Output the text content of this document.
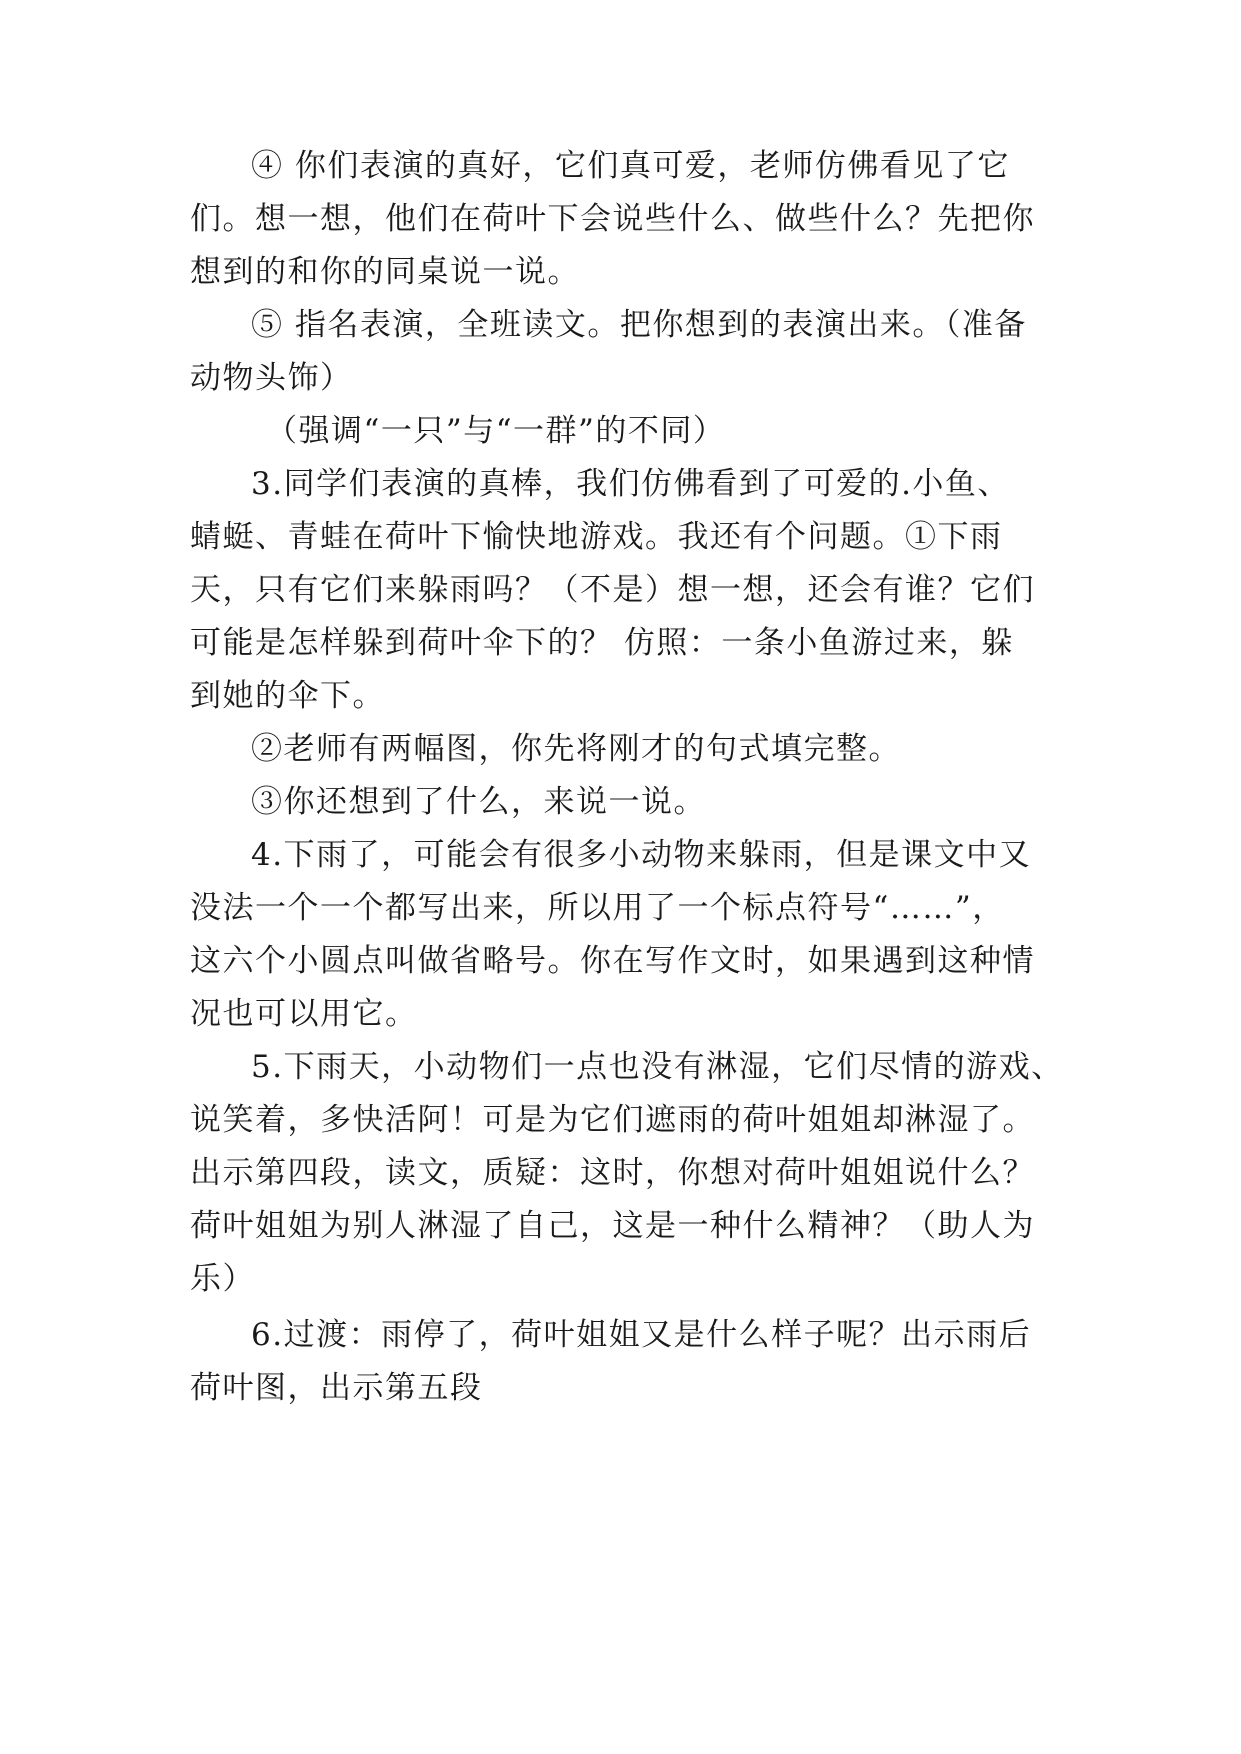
④ 你们表演的真好，它们真可爱，老师仿佛看见了它
们。想一想，他们在荷叶下会说些什么、做些什么？先把你
想到的和你的同桌说一说。
⑤ 指名表演，全班读文。把你想到的表演出来。（准备
动物头饰）
（强调“一只”与“一群”的不同）
3.同学们表演的真棒，我们仿佛看到了可爱的.小鱼、
蜻蜓、青蛙在荷叶下愉快地游戏。我还有个问题。①下雨
天，只有它们来躲雨吗？（不是）想一想，还会有谁？它们
可能是怎样躲到荷叶伞下的？ 仿照：一条小鱼游过来，躲
到她的伞下。
②老师有两幅图，你先将刚才的句式填完整。
③你还想到了什么，来说一说。
4.下雨了，可能会有很多小动物来躲雨，但是课文中又
没法一个一个都写出来，所以用了一个标点符号“……”，
这六个小圆点叫做省略号。你在写作文时，如果遇到这种情
况也可以用它。
5.下雨天，小动物们一点也没有淋湿，它们尽情的游戏、
说笑着，多快活阿！可是为它们遮雨的荷叶姐姐却淋湿了。
出示第四段，读文，质疑：这时，你想对荷叶姐姐说什么？
荷叶姐姐为别人淋湿了自己，这是一种什么精神？（助人为
乐）
6.过渡：雨停了，荷叶姐姐又是什么样子呢？出示雨后
荷叶图，出示第五段
